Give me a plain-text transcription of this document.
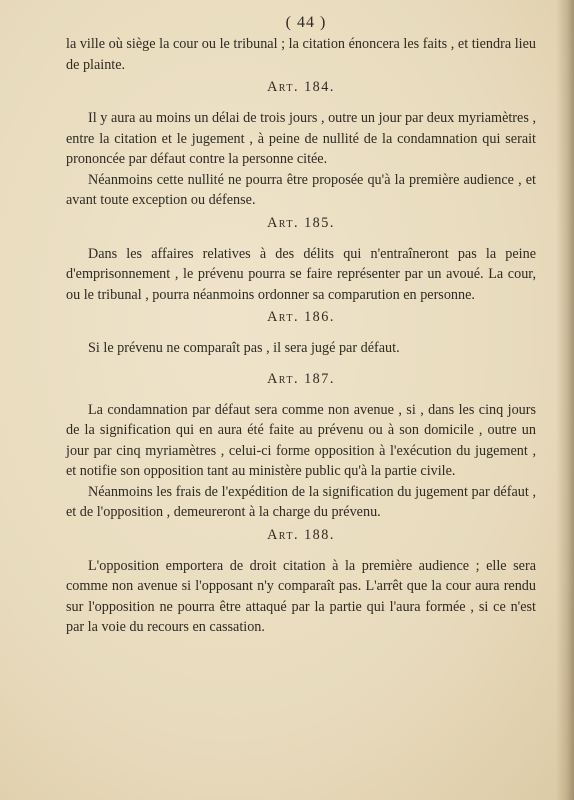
( 44 )

la ville où siège la cour ou le tribunal ; la citation énoncera les faits , et tiendra lieu de plainte.

Art. 184.

Il y aura au moins un délai de trois jours , outre un jour par deux myriamètres , entre la citation et le jugement , à peine de nullité de la condamnation qui serait prononcée par défaut contre la personne citée.

Néanmoins cette nullité ne pourra être proposée qu'à la première audience , et avant toute exception ou défense.

Art. 185.

Dans les affaires relatives à des délits qui n'entraîneront pas la peine d'emprisonnement , le prévenu pourra se faire représenter par un avoué. La cour, ou le tribunal , pourra néanmoins ordonner sa comparution en personne.

Art. 186.

Si le prévenu ne comparaît pas , il sera jugé par défaut.

Art. 187.

La condamnation par défaut sera comme non avenue , si , dans les cinq jours de la signification qui en aura été faite au prévenu ou à son domicile , outre un jour par cinq myriamètres , celui-ci forme opposition à l'exécution du jugement , et notifie son opposition tant au ministère public qu'à la partie civile.

Néanmoins les frais de l'expédition de la signification du jugement par défaut , et de l'opposition , demeureront à la charge du prévenu.

Art. 188.

L'opposition emportera de droit citation à la première audience ; elle sera comme non avenue si l'opposant n'y comparaît pas. L'arrêt que la cour aura rendu sur l'opposition ne pourra être attaqué par la partie qui l'aura formée , si ce n'est par la voie du recours en cassation.
